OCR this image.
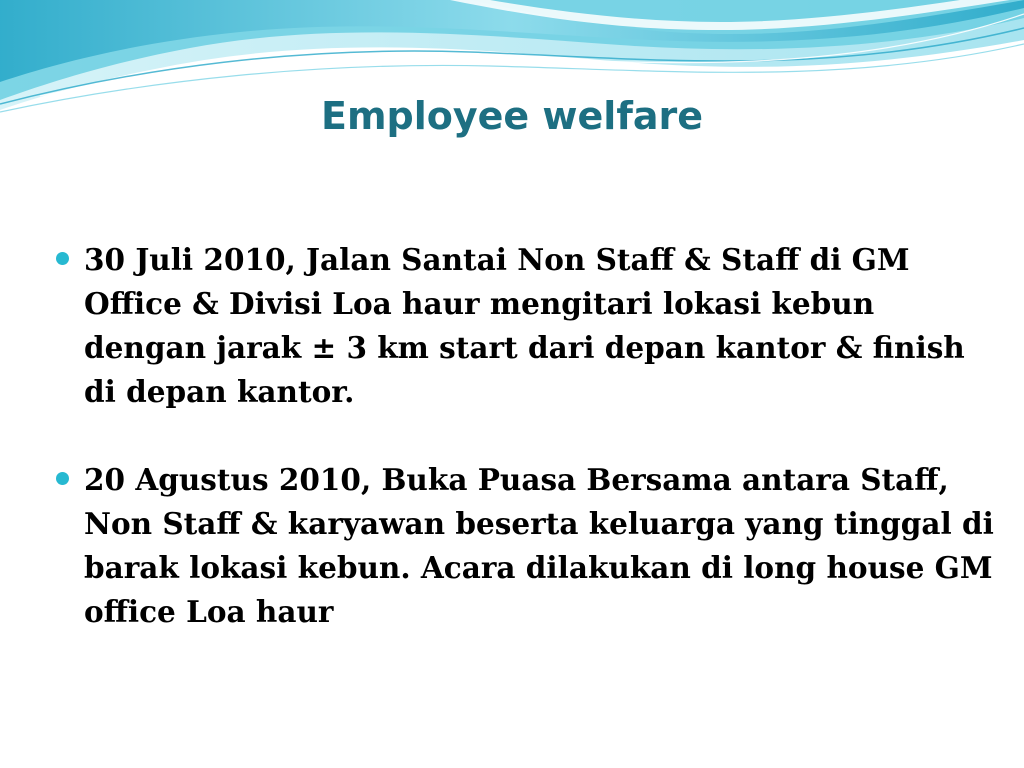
Employee welfare
30 Juli 2010, Jalan Santai Non Staff & Staff di GM Office & Divisi Loa haur mengitari lokasi kebun dengan jarak ± 3 km start dari depan kantor & finish di depan kantor.
20 Agustus 2010, Buka Puasa Bersama antara Staff, Non Staff & karyawan beserta keluarga yang tinggal di barak lokasi kebun. Acara dilakukan di long house GM office Loa haur
